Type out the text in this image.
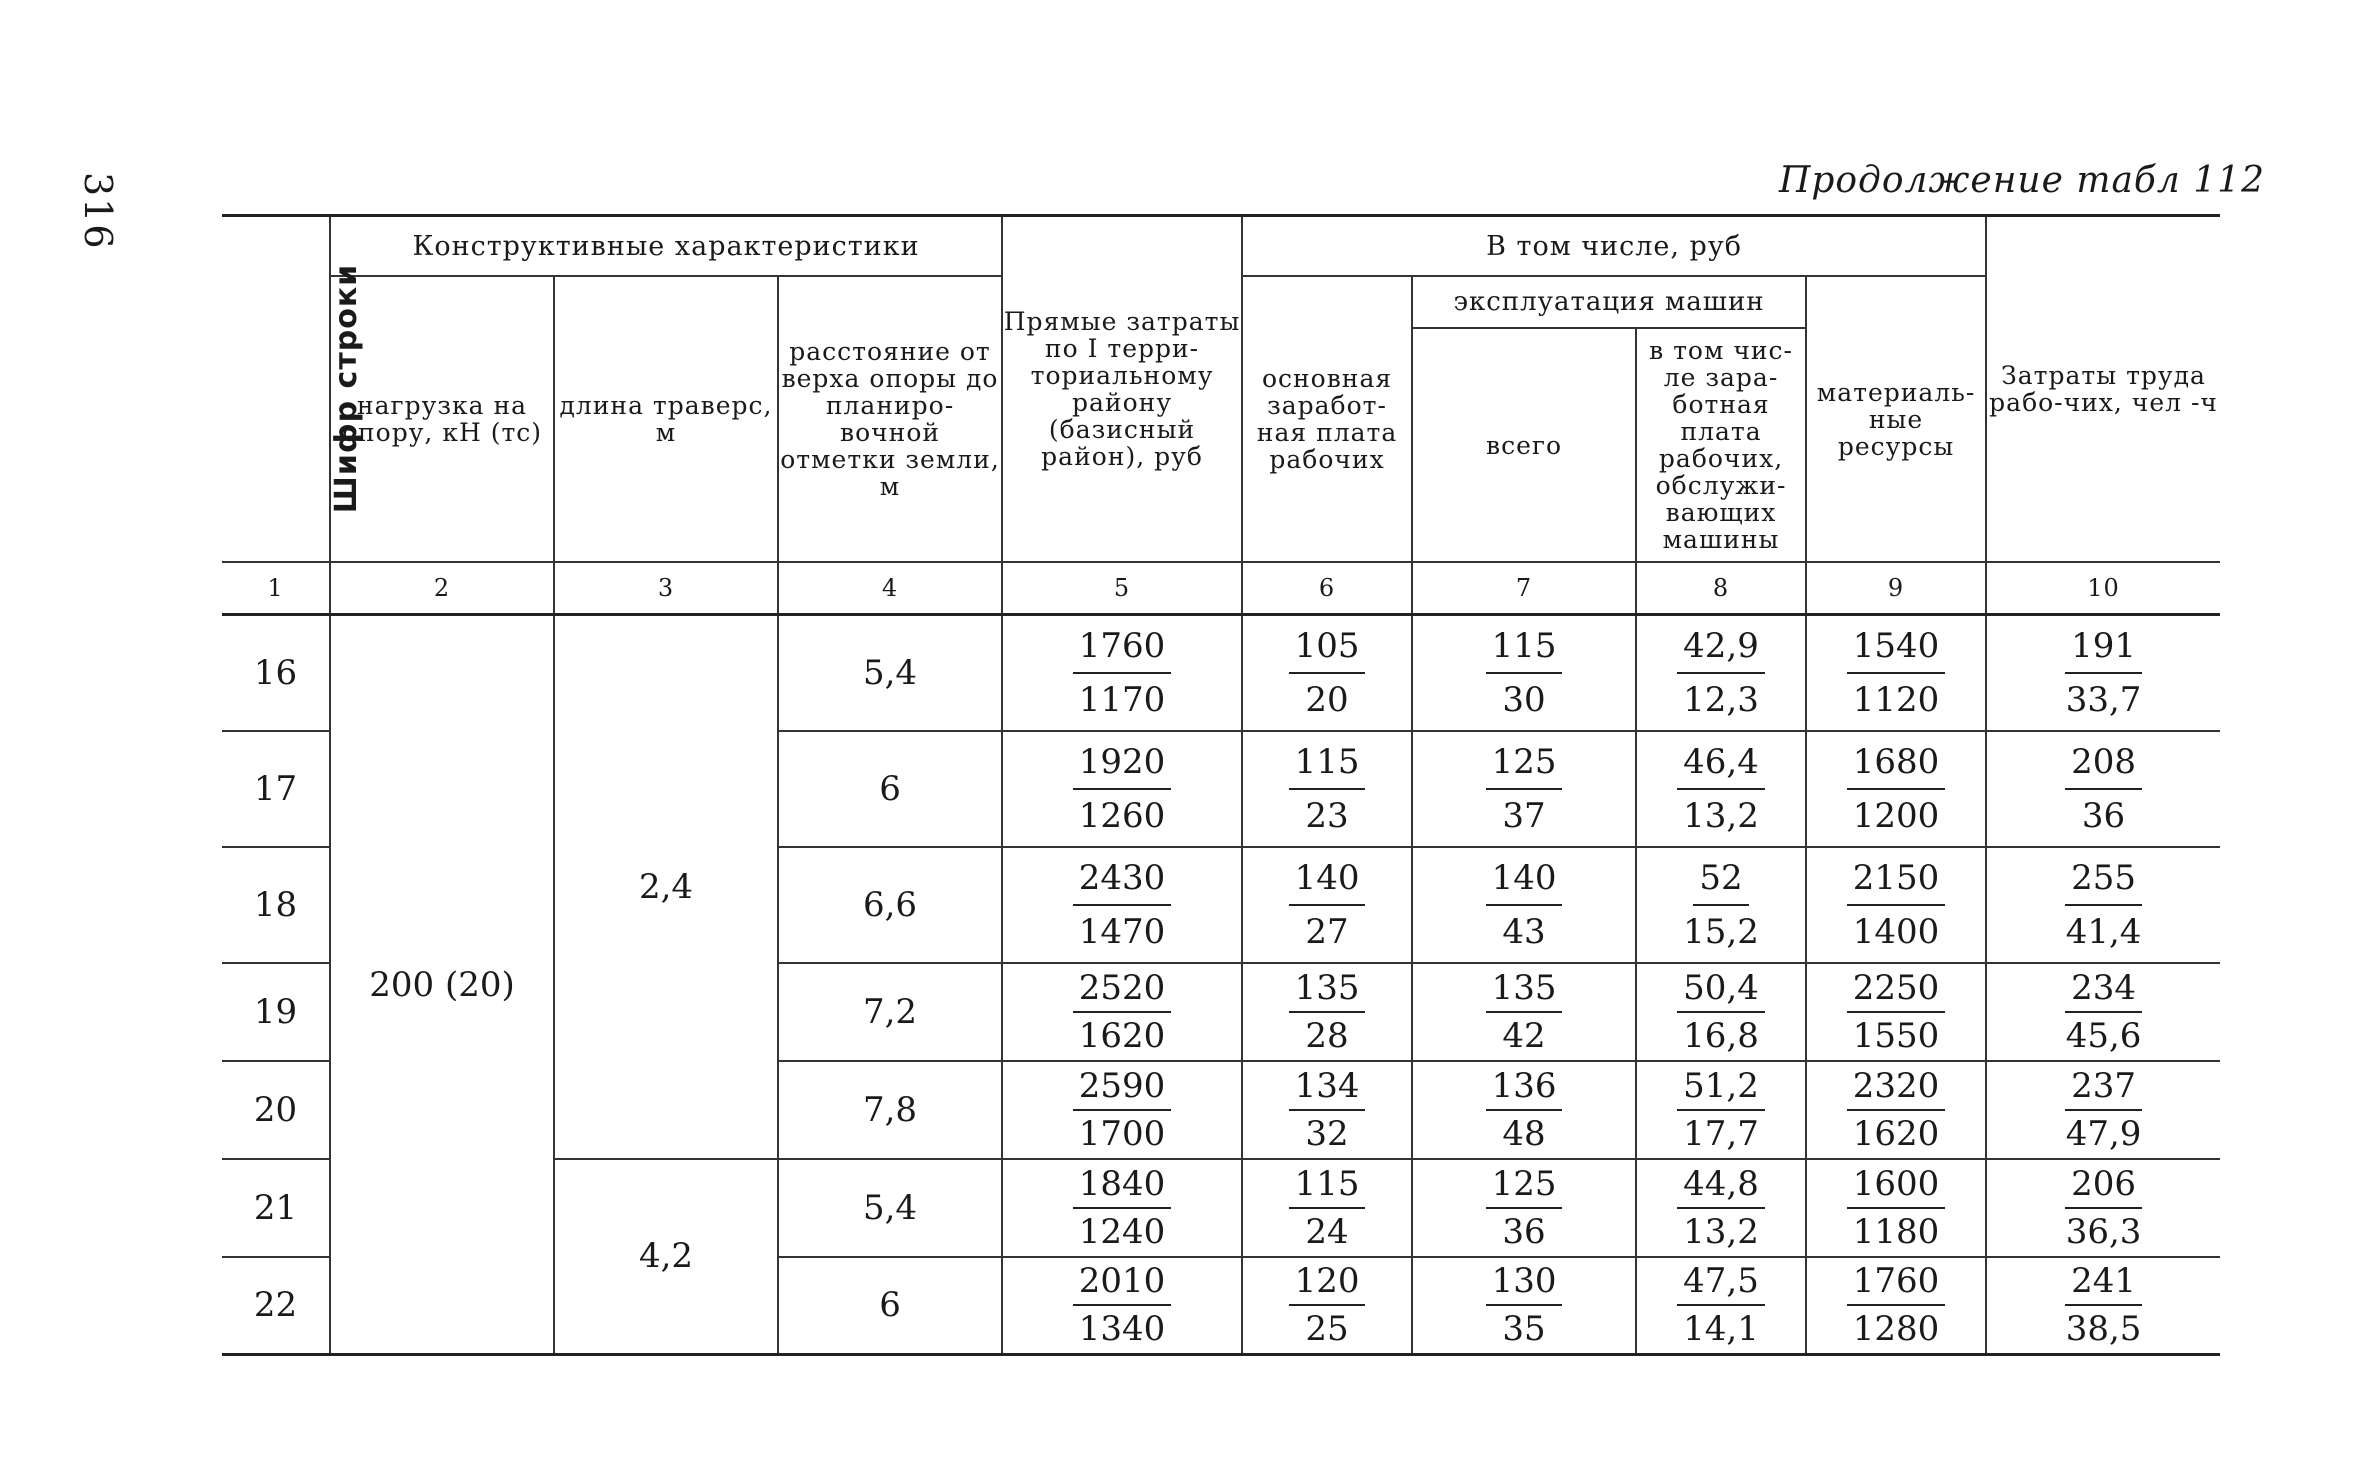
316	Продолжение табл 112
Шифр строки	Конструктивные характеристики			Прямые затраты по I терри-ториальному району (базисный район), руб	В том числе, руб				Затраты труда рабо-чих, чел -ч
	нагрузка на опору, кН (тс)	длина траверс, м	расстояние от верха опоры до планиро-вочной отметки земли, м		основная заработ-ная плата рабочих	эксплуатация машин		материаль-ные ресурсы	
						всего	в том чис-ле зара-ботная плата рабочих, обслужи-вающих машины		
1	2	3	4	5	6	7	8	9	10
16	200 (20)	2,4	5,4	$\frac{1760}{1170}$	$\frac{105}{20}$	$\frac{115}{30}$	$\frac{42,9}{12,3}$	$\frac{1540}{1120}$	$\frac{191}{33,7}$

17			6	$\frac{1920}{1260}$	$\frac{115}{23}$	$\frac{125}{37}$	$\frac{46,4}{13,2}$	$\frac{1680}{1200}$	$\frac{208}{36}$

18			6,6	$\frac{2430}{1470}$	$\frac{140}{27}$	$\frac{140}{43}$	$\frac{52}{15,2}$	$\frac{2150}{1400}$	$\frac{255}{41,4}$

19			7,2	$\frac{2520}{1620}$	$\frac{135}{28}$	$\frac{135}{42}$	$\frac{50,4}{16,8}$	$\frac{2250}{1550}$	$\frac{234}{45,6}$

20			7,8	$\frac{2590}{1700}$	$\frac{134}{32}$	$\frac{136}{48}$	$\frac{51,2}{17,7}$	$\frac{2320}{1620}$	$\frac{237}{47,9}$

21		4,2	5,4	$\frac{1840}{1240}$	$\frac{115}{24}$	$\frac{125}{36}$	$\frac{44,8}{13,2}$	$\frac{1600}{1180}$	$\frac{206}{36,3}$

22			6	$\frac{2010}{1340}$	$\frac{120}{25}$	$\frac{130}{35}$	$\frac{47,5}{14,1}$	$\frac{1760}{1280}$	$\frac{241}{38,5}$
